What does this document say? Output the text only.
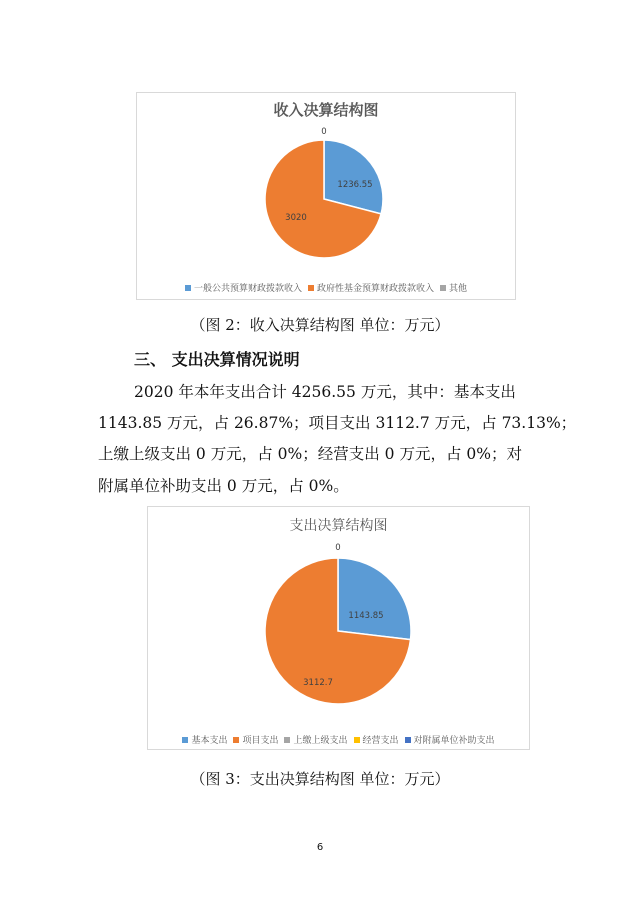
收入决算结构图
1236.55
3020
0
一般公共预算财政拨款收入 政府性基金预算财政拨款收入 其他
（图 2：收入决算结构图 单位：万元）
三、 支出决算情况说明
2020 年本年支出合计 4256.55 万元，其中：基本支出
1143.85 万元，占 26.87%；项目支出 3112.7 万元，占 73.13%；
上缴上级支出 0 万元，占 0%；经营支出 0 万元，占 0%；对
附属单位补助支出 0 万元，占 0%。
支出决算结构图
1143.85
3112.7
0
基本支出 项目支出 上缴上级支出 经营支出 对附属单位补助支出
（图 3：支出决算结构图 单位：万元）
6
